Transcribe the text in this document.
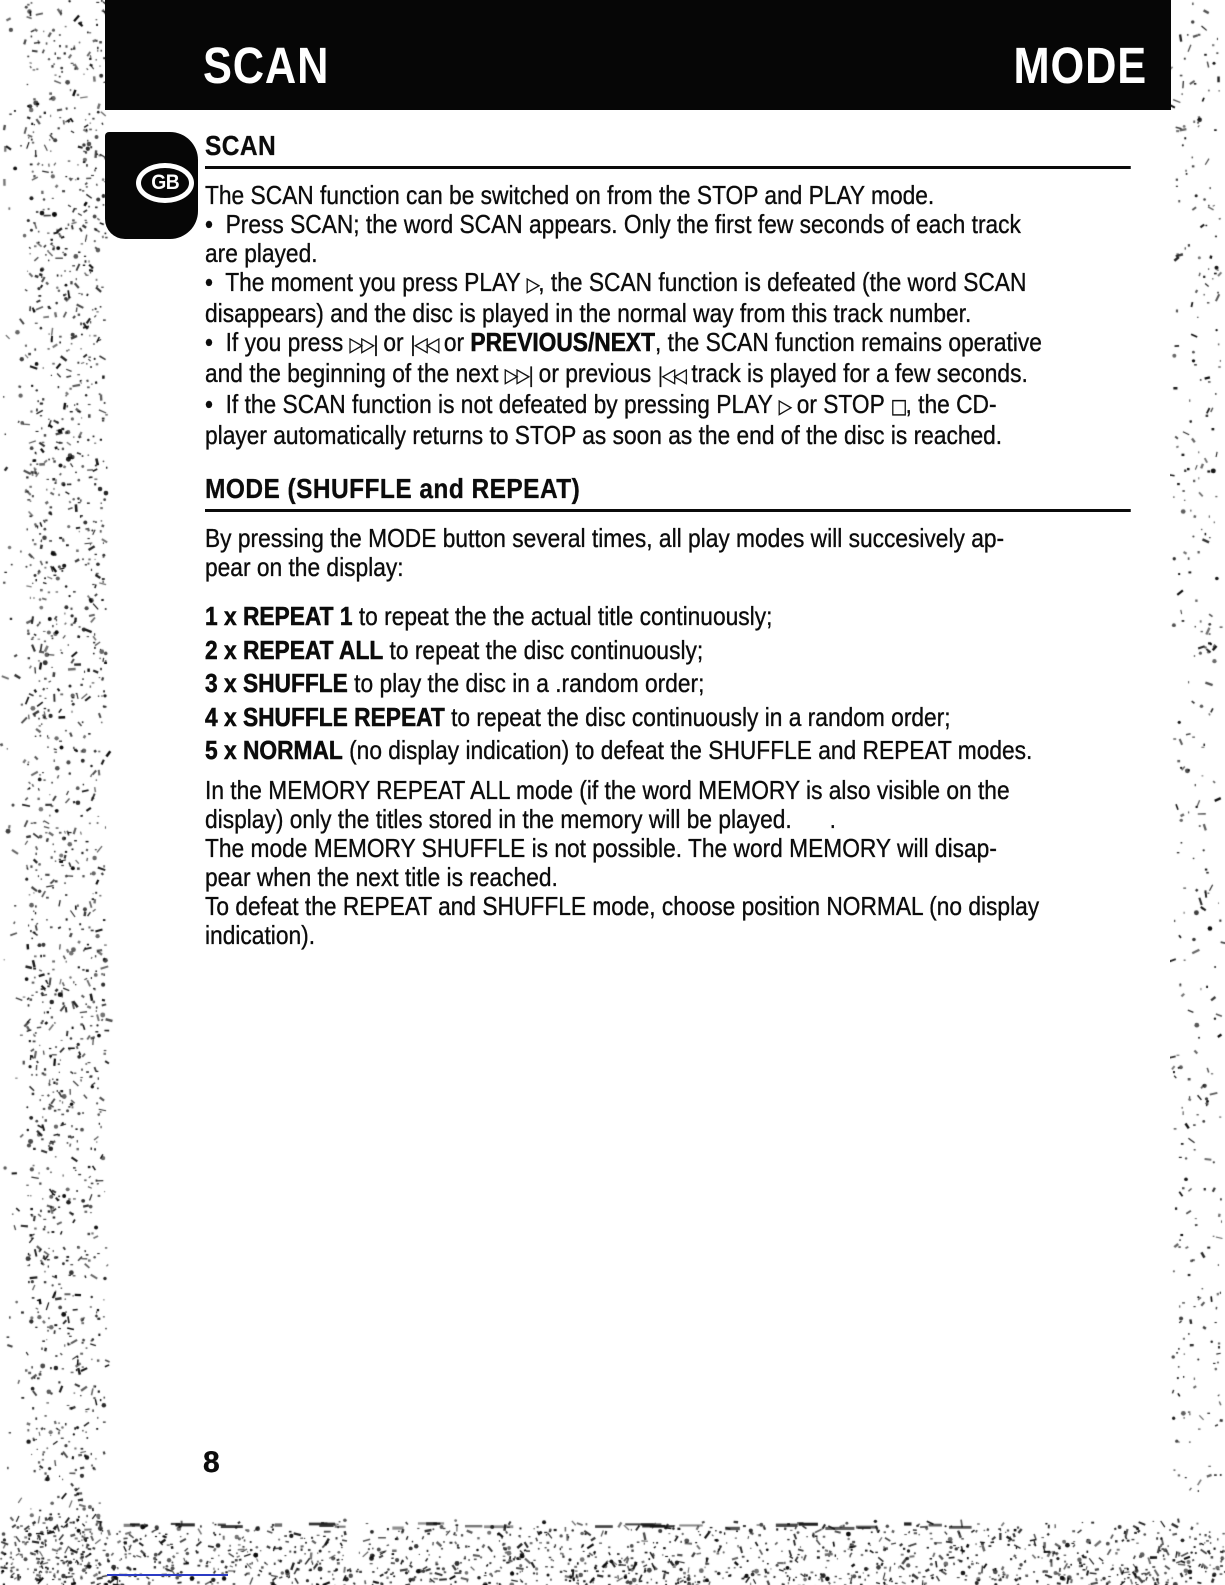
SCAN	MODE
GB
SCAN
The SCAN function can be switched on from the STOP and PLAY mode.
•  Press SCAN; the word SCAN appears. Only the first few seconds of each track
are played.
•  The moment you press PLAY ▷, the SCAN function is defeated (the word SCAN
disappears) and the disc is played in the normal way from this track number.
•  If you press ▷▷| or |◁◁ or PREVIOUS/NEXT, the SCAN function remains operative
and the beginning of the next ▷▷| or previous |◁◁ track is played for a few seconds.
•  If the SCAN function is not defeated by pressing PLAY ▷ or STOP □, the CD-
player automatically returns to STOP as soon as the end of the disc is reached.
MODE (SHUFFLE and REPEAT)
By pressing the MODE button several times, all play modes will succesively ap-
pear on the display:
1 x REPEAT 1 to repeat the the actual title continuously;
2 x REPEAT ALL to repeat the disc continuously;
3 x SHUFFLE to play the disc in a .random order;
4 x SHUFFLE REPEAT to repeat the disc continuously in a random order;
5 x NORMAL (no display indication) to defeat the SHUFFLE and REPEAT modes.
In the MEMORY REPEAT ALL mode (if the word MEMORY is also visible on the
display) only the titles stored in the memory will be played.      .
The mode MEMORY SHUFFLE is not possible. The word MEMORY will disap-
pear when the next title is reached.
To defeat the REPEAT and SHUFFLE mode, choose position NORMAL (no display
indication).
8
